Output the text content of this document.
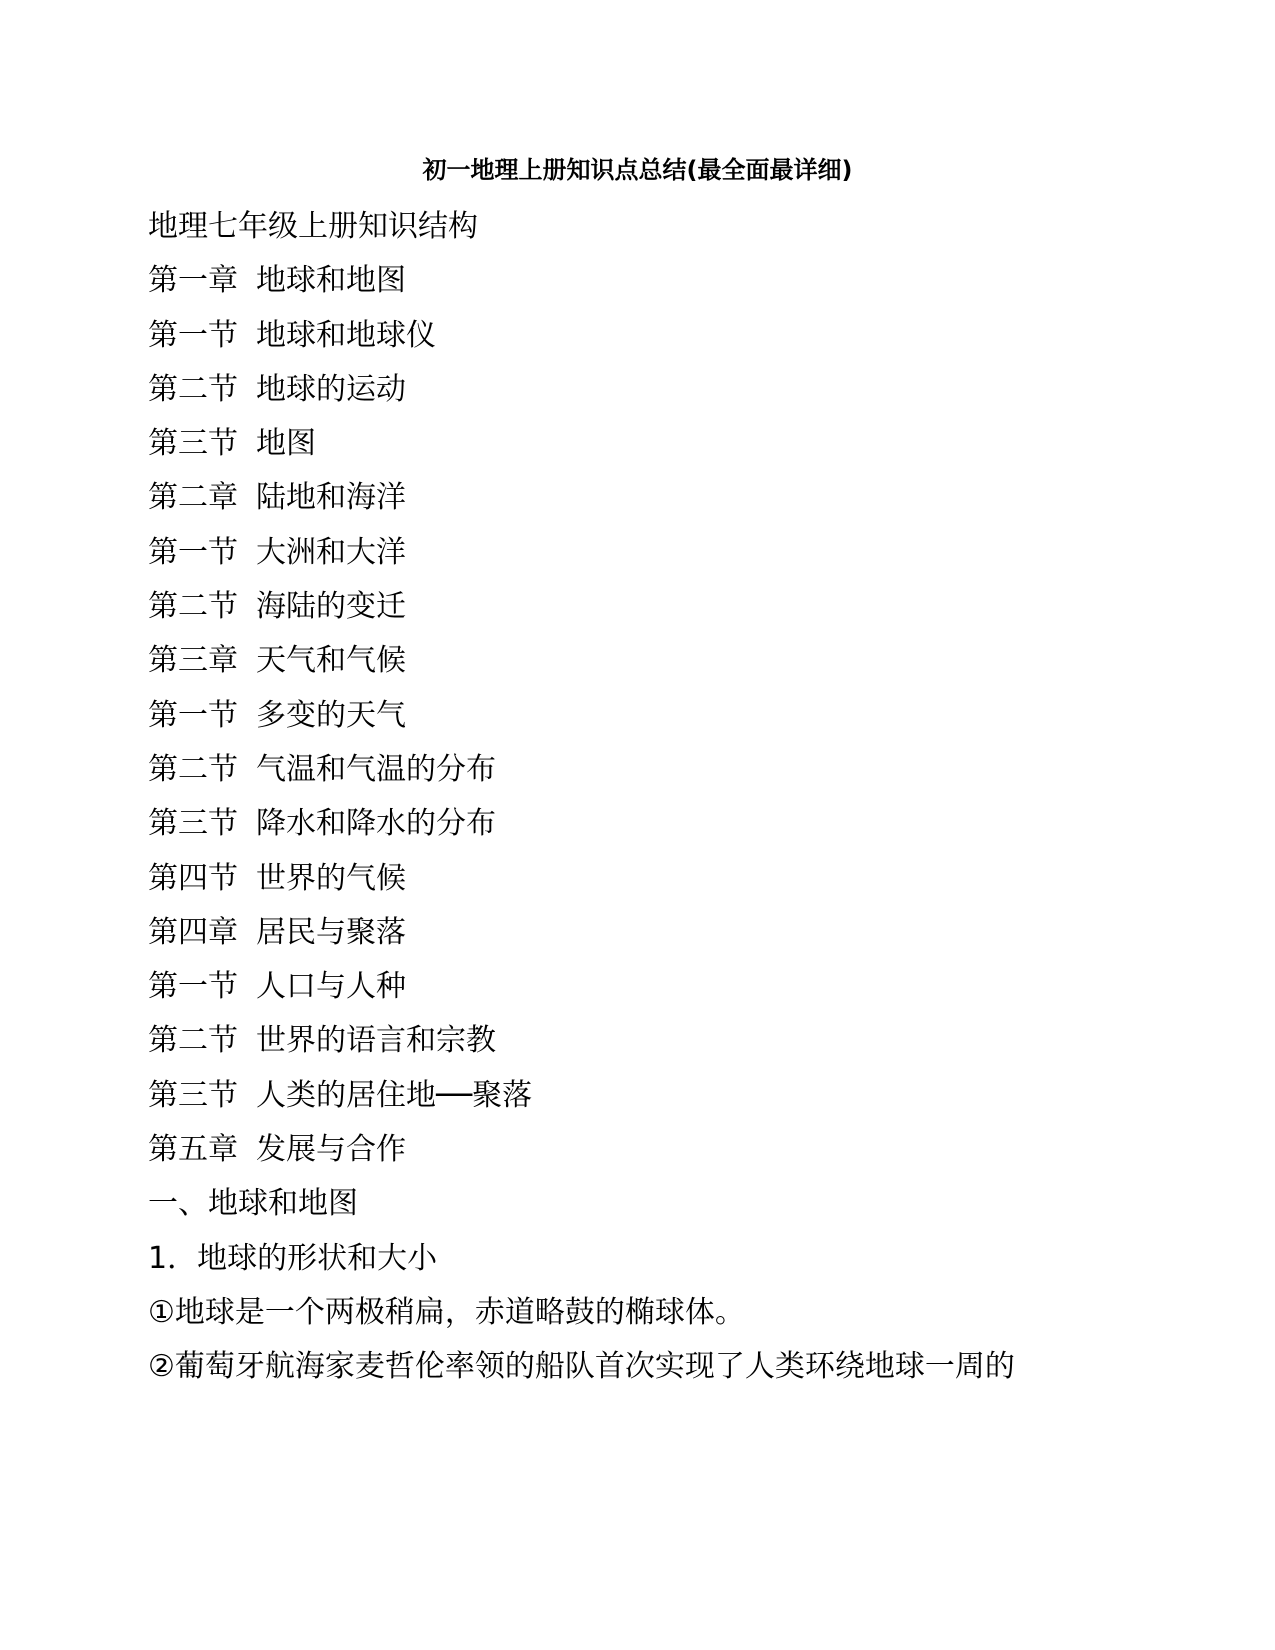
初一地理上册知识点总结(最全面最详细)
地理七年级上册知识结构
第一章 地球和地图
第一节 地球和地球仪
第二节 地球的运动
第三节 地图
第二章 陆地和海洋
第一节 大洲和大洋
第二节 海陆的变迁
第三章 天气和气候
第一节 多变的天气
第二节 气温和气温的分布
第三节 降水和降水的分布
第四节 世界的气候
第四章 居民与聚落
第一节 人口与人种
第二节 世界的语言和宗教
第三节 人类的居住地──聚落
第五章 发展与合作
一、地球和地图
1．地球的形状和大小
①地球是一个两极稍扁，赤道略鼓的椭球体。
②葡萄牙航海家麦哲伦率领的船队首次实现了人类环绕地球一周的
